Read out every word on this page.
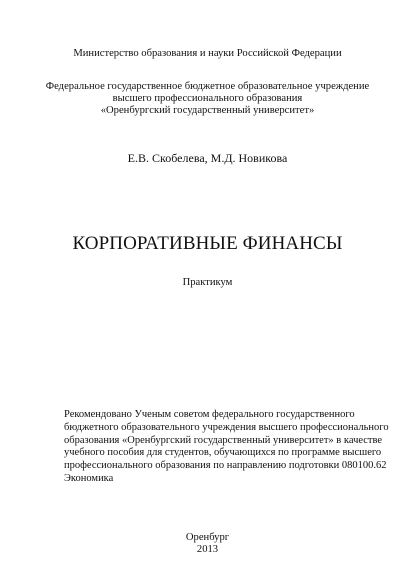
Министерство образования и науки Российской Федерации
Федеральное государственное бюджетное образовательное учреждение
высшего профессионального образования
«Оренбургский государственный университет»
Е.В. Скобелева, М.Д. Новикова
КОРПОРАТИВНЫЕ ФИНАНСЫ
Практикум
Рекомендовано Ученым советом федерального государственного
бюджетного образовательного учреждения высшего профессионального
образования «Оренбургский государственный университет» в качестве
учебного пособия для студентов, обучающихся по программе высшего
профессионального образования по направлению подготовки 080100.62
Экономика
Оренбург
2013
